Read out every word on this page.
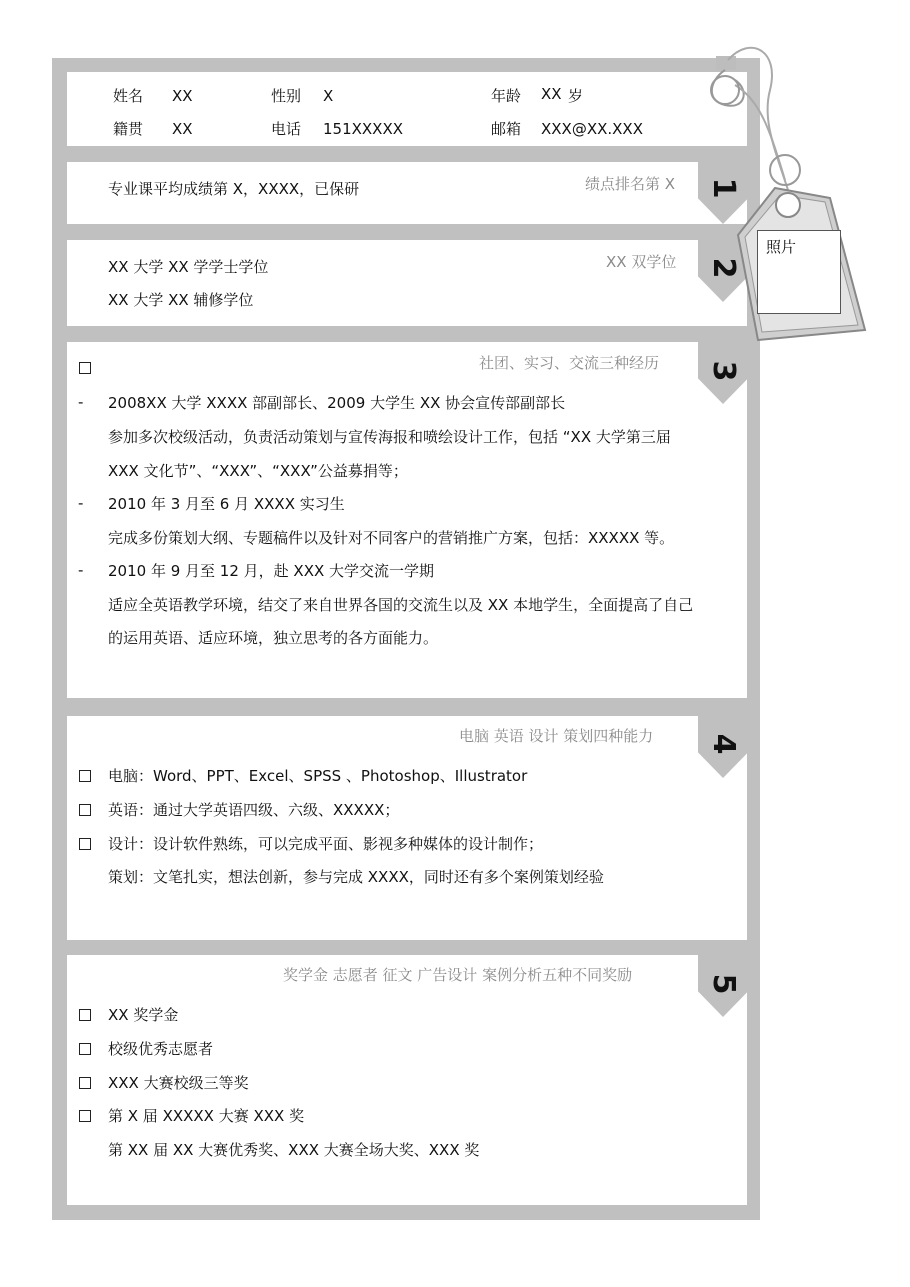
姓名 XX	性别 X	年龄 XX 岁
籍贯 XX	电话 151XXXXX	邮箱 XXX@XX.XXX
专业课平均成绩第 X，XXXX，已保研	绩点排名第 X 1
XX 大学 XX 学学士学位
XX 大学 XX 辅修学位
XX 双学位 2
社团、实习、交流三种经历 3
- 2008XX 大学 XXXX 部副部长、2009 大学生 XX 协会宣传部副部长
参加多次校级活动，负责活动策划与宣传海报和喷绘设计工作，包括 “XX 大学第三届
XXX 文化节”、“XXX”、“XXX”公益募捐等；
- 2010 年 3 月至 6 月 XXXX 实习生
完成多份策划大纲、专题稿件以及针对不同客户的营销推广方案，包括：XXXXX 等。
- 2010 年 9 月至 12 月，赴 XXX 大学交流一学期
适应全英语教学环境，结交了来自世界各国的交流生以及 XX 本地学生，全面提高了自己
的运用英语、适应环境，独立思考的各方面能力。
电脑 英语 设计 策划四种能力 4
电脑：Word、PPT、Excel、SPSS 、Photoshop、Illustrator
英语：通过大学英语四级、六级、XXXXX；
设计：设计软件熟练，可以完成平面、影视多种媒体的设计制作；
策划：文笔扎实，想法创新，参与完成 XXXX，同时还有多个案例策划经验
奖学金 志愿者 征文 广告设计 案例分析五种不同奖励 5
XX 奖学金
校级优秀志愿者
XXX 大赛校级三等奖
第 X 届 XXXXX 大赛 XXX 奖
第 XX 届 XX 大赛优秀奖、XXX 大赛全场大奖、XXX 奖
照片
